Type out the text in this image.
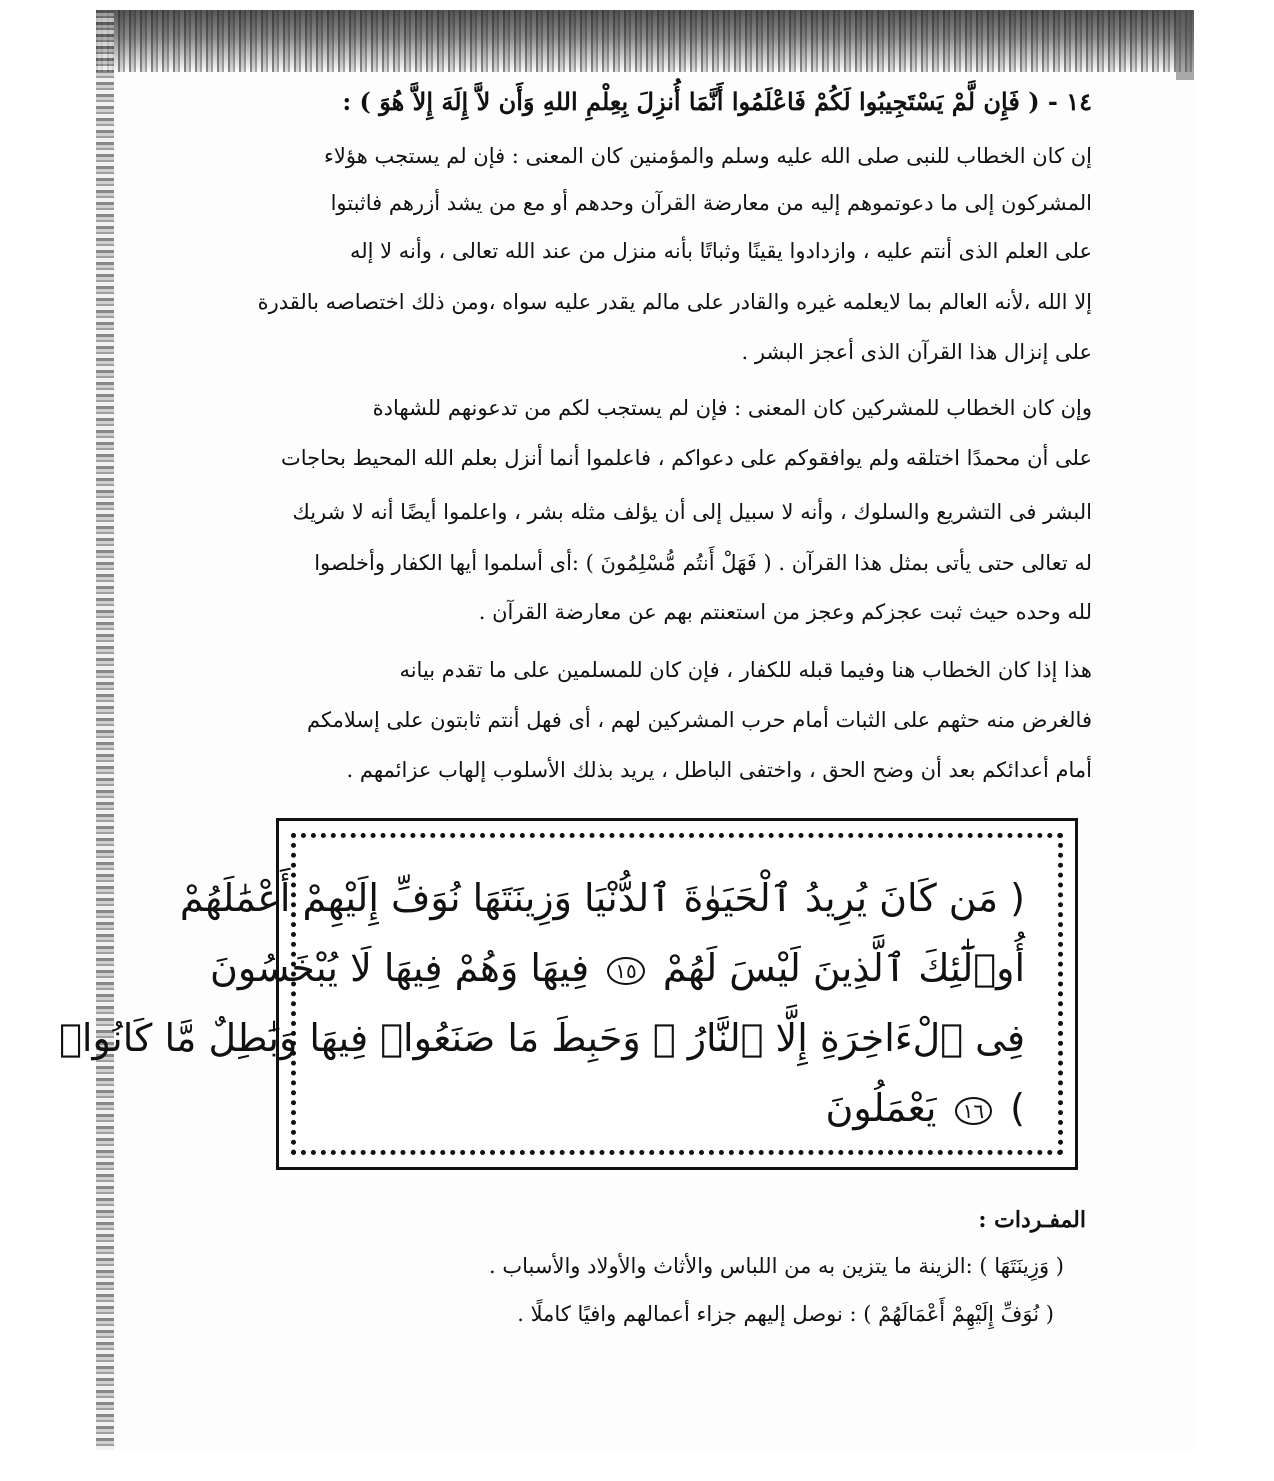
١٤ - ( فَإِن لَّمْ يَسْتَجِيبُوا لَكُمْ فَاعْلَمُوا أَنَّمَا أُنزِلَ بِعِلْمِ اللهِ وَأَن لاَّ إِلَهَ إِلاَّ هُوَ ) :
إن كان الخطاب للنبى صلى الله عليه وسلم والمؤمنين كان المعنى : فإن لم يستجب هؤلاء
المشركون إلى ما دعوتموهم إليه من معارضة القرآن وحدهم أو مع من يشد أزرهم فاثبتوا
على العلم الذى أنتم عليه ، وازدادوا يقينًا وثباتًا بأنه منزل من عند الله تعالى ، وأنه لا إله
إلا الله ،لأنه العالم بما لايعلمه غيره والقادر على مالم يقدر عليه سواه ،ومن ذلك اختصاصه بالقدرة
على إنزال هذا القرآن الذى أعجز البشر .
وإن كان الخطاب للمشركين كان المعنى : فإن لم يستجب لكم من تدعونهم للشهادة
على أن محمدًا اختلقه ولم يوافقوكم على دعواكم ، فاعلموا أنما أنزل بعلم الله المحيط بحاجات
البشر فى التشريع والسلوك ، وأنه لا سبيل إلى أن يؤلف مثله بشر ، واعلموا أيضًا أنه لا شريك
له تعالى حتى يأتى بمثل هذا القرآن . ( فَهَلْ أَنتُم مُّسْلِمُونَ ) :أى أسلموا أيها الكفار وأخلصوا
لله وحده حيث ثبت عجزكم وعجز من استعنتم بهم عن معارضة القرآن .
هذا إذا كان الخطاب هنا وفيما قبله للكفار ، فإن كان للمسلمين على ما تقدم بيانه
فالغرض منه حثهم على الثبات أمام حرب المشركين لهم ، أى فهل أنتم ثابتون على إسلامكم
أمام أعدائكم بعد أن وضح الحق ، واختفى الباطل ، يريد بذلك الأسلوب إلهاب عزائمهم .
( مَن كَانَ يُرِيدُ ٱلْحَيَوٰةَ ٱلدُّنْيَا وَزِينَتَهَا نُوَفِّ إِلَيْهِمْ أَعْمَٰلَهُمْ
أُو۟لَٰٓئِكَ ٱلَّذِينَ لَيْسَ لَهُمْ ١٥ فِيهَا وَهُمْ فِيهَا لَا يُبْخَسُونَ
فِى ٱلْءَاخِرَةِ إِلَّا ٱلنَّارُ ۖ وَحَبِطَ مَا صَنَعُوا۟ فِيهَا وَبَٰطِلٌ مَّا كَانُوا۟
) ١٦ يَعْمَلُونَ
المفـردات :
( وَزِينَتَهَا ) :الزينة ما يتزين به من اللباس والأثاث والأولاد والأسباب .
( نُوَفِّ إِلَيْهِمْ أَعْمَالَهُمْ ) : نوصل إليهم جزاء أعمالهم وافيًا كاملًا .
